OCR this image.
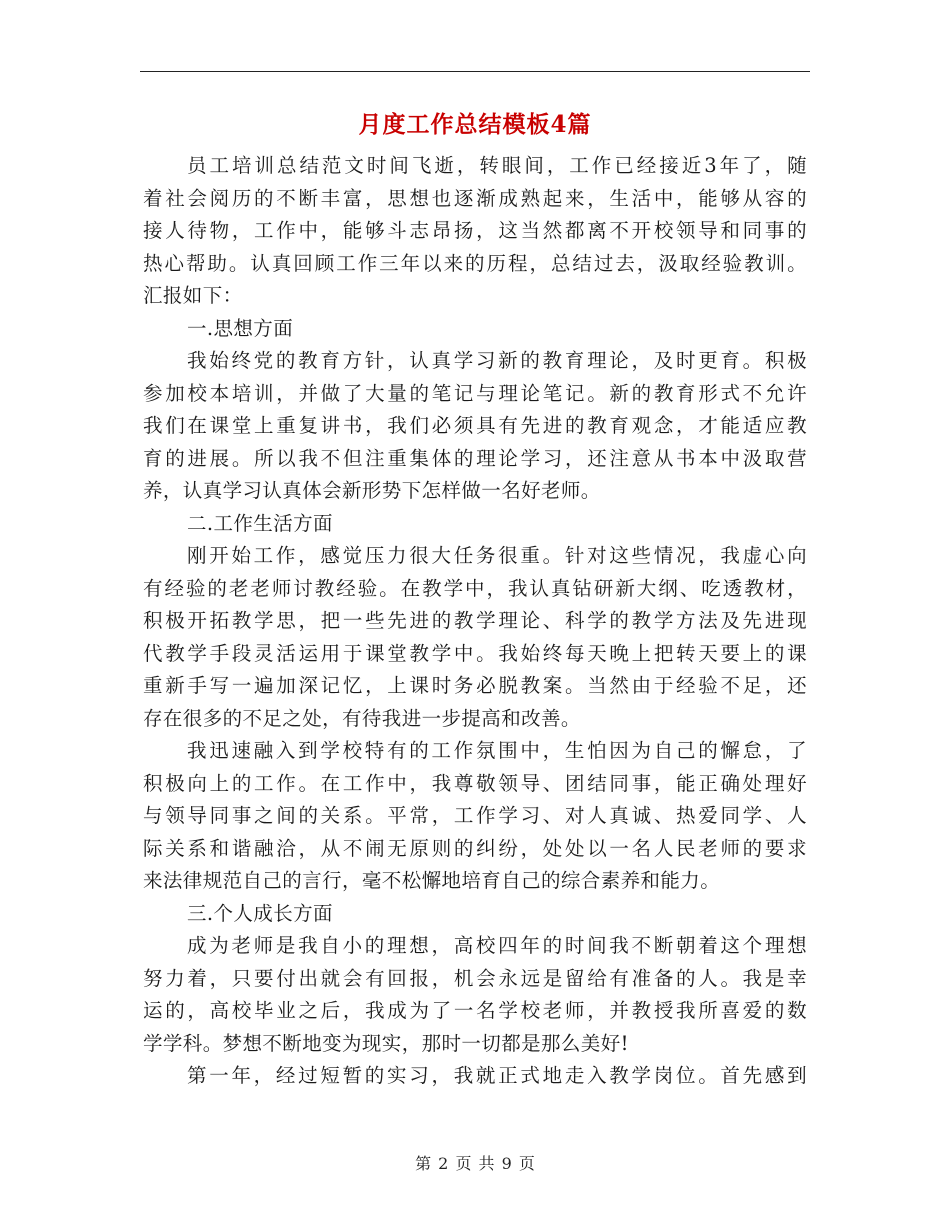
月度工作总结模板4篇
员工培训总结范文时间飞逝，转眼间，工作已经接近3年了，随
着社会阅历的不断丰富，思想也逐渐成熟起来，生活中，能够从容的
接人待物，工作中，能够斗志昂扬，这当然都离不开校领导和同事的
热心帮助。认真回顾工作三年以来的历程，总结过去，汲取经验教训。
汇报如下：
一.思想方面
我始终党的教育方针，认真学习新的教育理论，及时更育。积极
参加校本培训，并做了大量的笔记与理论笔记。新的教育形式不允许
我们在课堂上重复讲书，我们必须具有先进的教育观念，才能适应教
育的进展。所以我不但注重集体的理论学习，还注意从书本中汲取营
养，认真学习认真体会新形势下怎样做一名好老师。
二.工作生活方面
刚开始工作，感觉压力很大任务很重。针对这些情况，我虚心向
有经验的老老师讨教经验。在教学中，我认真钻研新大纲、吃透教材，
积极开拓教学思，把一些先进的教学理论、科学的教学方法及先进现
代教学手段灵活运用于课堂教学中。我始终每天晚上把转天要上的课
重新手写一遍加深记忆，上课时务必脱教案。当然由于经验不足，还
存在很多的不足之处，有待我进一步提高和改善。
我迅速融入到学校特有的工作氛围中，生怕因为自己的懈怠，了
积极向上的工作。在工作中，我尊敬领导、团结同事，能正确处理好
与领导同事之间的关系。平常，工作学习、对人真诚、热爱同学、人
际关系和谐融洽，从不闹无原则的纠纷，处处以一名人民老师的要求
来法律规范自己的言行，毫不松懈地培育自己的综合素养和能力。
三.个人成长方面
成为老师是我自小的理想，高校四年的时间我不断朝着这个理想
努力着，只要付出就会有回报，机会永远是留给有准备的人。我是幸
运的，高校毕业之后，我成为了一名学校老师，并教授我所喜爱的数
学学科。梦想不断地变为现实，那时一切都是那么美好!
第一年，经过短暂的实习，我就正式地走入教学岗位。首先感到
第 2 页 共 9 页
